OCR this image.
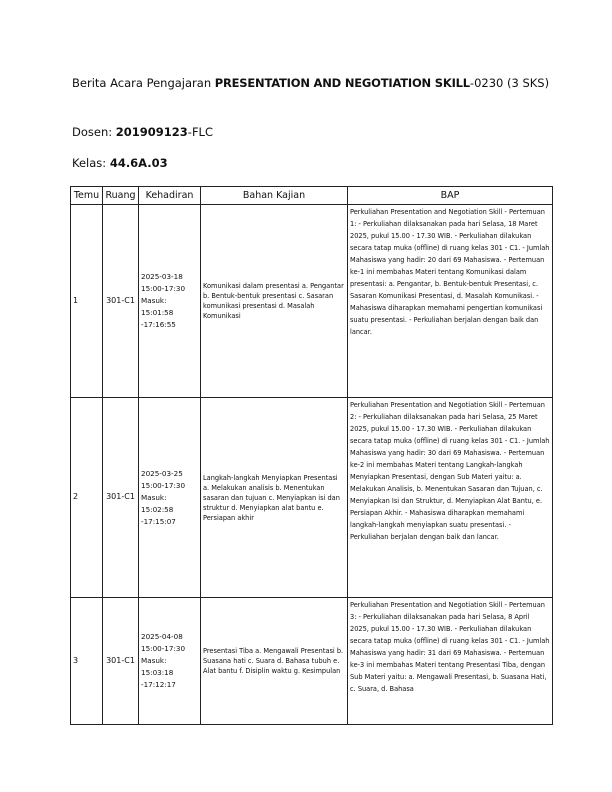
Berita Acara Pengajaran PRESENTATION AND NEGOTIATION SKILL-0230 (3 SKS)

Dosen: 201909123-FLC

Kelas: 44.6A.03

Temu	Ruang	Kehadiran	Bahan Kajian	BAP
1	301-C1	2025-03-18 15:00-17:30 Masuk: 15:01:58 -17:16:55	Komunikasi dalam presentasi a. Pengantar b. Bentuk-bentuk presentasi c. Sasaran komunikasi presentasi d. Masalah Komunikasi	Perkuliahan Presentation and Negotiation Skill - Pertemuan 1: - Perkuliahan dilaksanakan pada hari Selasa, 18 Maret 2025, pukul 15.00 - 17.30 WIB. - Perkuliahan dilakukan secara tatap muka (offline) di ruang kelas 301 - C1. - Jumlah Mahasiswa yang hadir: 20 dari 69 Mahasiswa. - Pertemuan ke-1 ini membahas Materi tentang Komunikasi dalam presentasi: a. Pengantar, b. Bentuk-bentuk Presentasi, c. Sasaran Komunikasi Presentasi, d. Masalah Komunikasi. - Mahasiswa diharapkan memahami pengertian komunikasi suatu presentasi. - Perkuliahan berjalan dengan baik dan lancar.
2	301-C1	2025-03-25 15:00-17:30 Masuk: 15:02:58 -17:15:07	Langkah-langkah Menyiapkan Presentasi a. Melakukan analisis b. Menentukan sasaran dan tujuan c. Menyiapkan isi dan struktur d. Menyiapkan alat bantu e. Persiapan akhir	Perkuliahan Presentation and Negotiation Skill - Pertemuan 2: - Perkuliahan dilaksanakan pada hari Selasa, 25 Maret 2025, pukul 15.00 - 17.30 WIB. - Perkuliahan dilakukan secara tatap muka (offline) di ruang kelas 301 - C1. - Jumlah Mahasiswa yang hadir: 30 dari 69 Mahasiswa. - Pertemuan ke-2 ini membahas Materi tentang Langkah-langkah Menyiapkan Presentasi, dengan Sub Materi yaitu: a. Melakukan Analisis, b. Menentukan Sasaran dan Tujuan, c. Menyiapkan Isi dan Struktur, d. Menyiapkan Alat Bantu, e. Persiapan Akhir. - Mahasiswa diharapkan memahami langkah-langkah menyiapkan suatu presentasi. - Perkuliahan berjalan dengan baik dan lancar.
3	301-C1	2025-04-08 15:00-17:30 Masuk: 15:03:18 -17:12:17	Presentasi Tiba a. Mengawali Presentasi b. Suasana hati c. Suara d. Bahasa tubuh e. Alat bantu f. Disiplin waktu g. Kesimpulan	Perkuliahan Presentation and Negotiation Skill - Pertemuan 3: - Perkuliahan dilaksanakan pada hari Selasa, 8 April 2025, pukul 15.00 - 17.30 WIB. - Perkuliahan dilakukan secara tatap muka (offline) di ruang kelas 301 - C1. - Jumlah Mahasiswa yang hadir: 31 dari 69 Mahasiswa. - Pertemuan ke-3 ini membahas Materi tentang Presentasi Tiba, dengan Sub Materi yaitu: a. Mengawali Presentasi, b. Suasana Hati, c. Suara, d. Bahasa
